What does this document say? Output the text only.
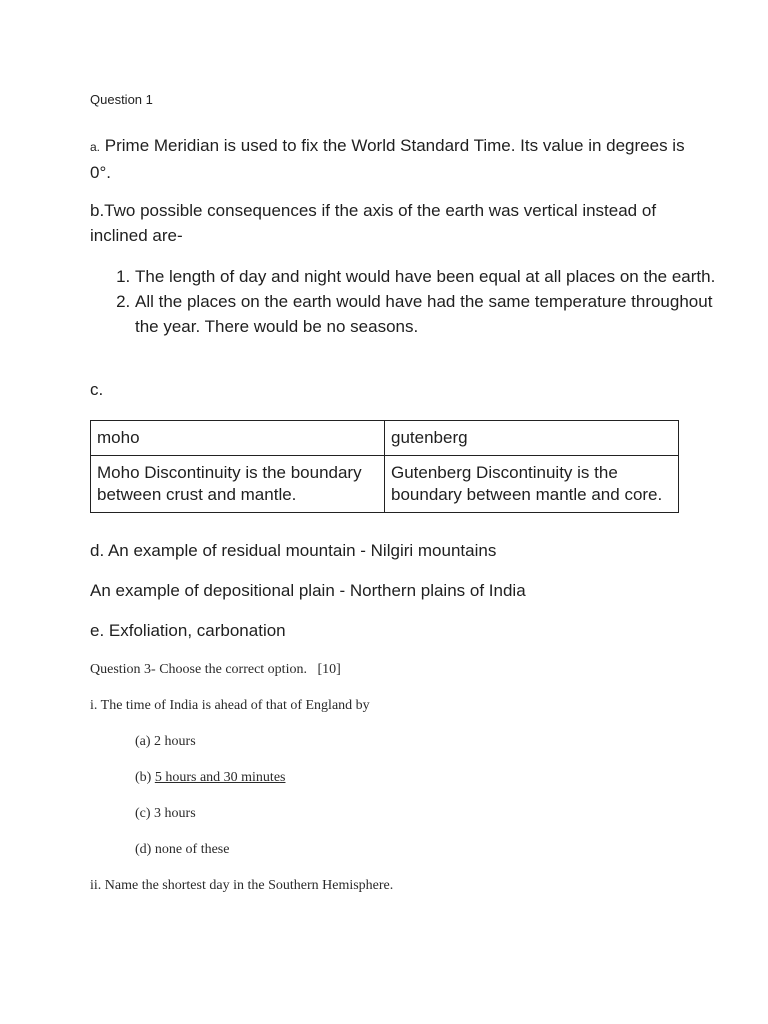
Question 1
a. Prime Meridian is used to fix the World Standard Time. Its value in degrees is 0°.
b.Two possible consequences if the axis of the earth was vertical instead of inclined are-
1. The length of day and night would have been equal at all places on the earth.
2. All the places on the earth would have had the same temperature throughout the year. There would be no seasons.
c.
moho	gutenberg
Moho Discontinuity is the boundary between crust and mantle.	Gutenberg Discontinuity is the boundary between mantle and core.
d. An example of residual mountain - Nilgiri mountains
An example of depositional plain - Northern plains of India
e. Exfoliation, carbonation
Question 3- Choose the correct option.   [10]
i. The time of India is ahead of that of England by
(a) 2 hours
(b) 5 hours and 30 minutes
(c) 3 hours
(d) none of these
ii. Name the shortest day in the Southern Hemisphere.
